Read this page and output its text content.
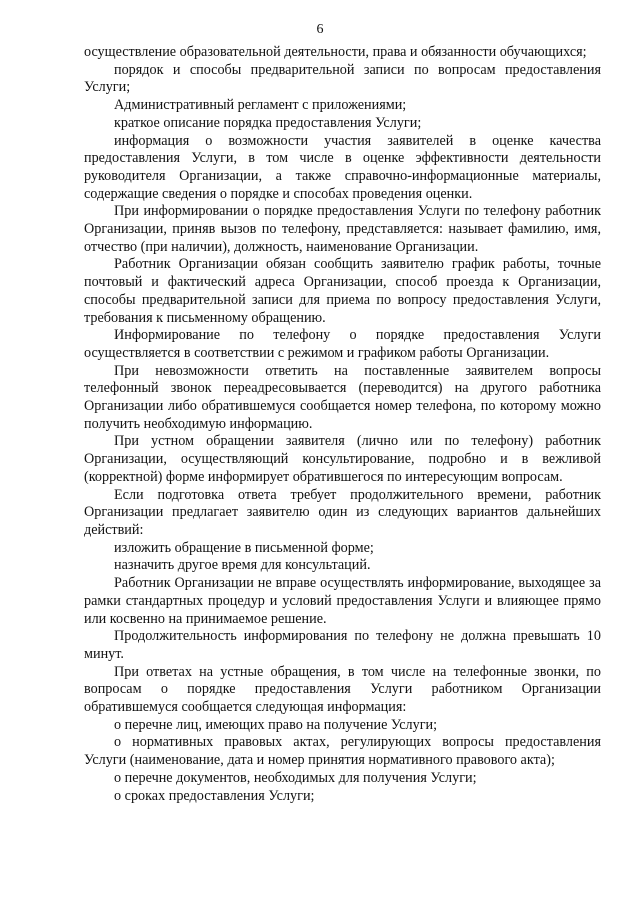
6

осуществление образовательной деятельности, права и обязанности обучающихся;

порядок и способы предварительной записи по вопросам предоставления Услуги;

Административный регламент с приложениями;

краткое описание порядка предоставления Услуги;

информация о возможности участия заявителей в оценке качества предоставления Услуги, в том числе в оценке эффективности деятельности руководителя Организации, а также справочно-информационные материалы, содержащие сведения о порядке и способах проведения оценки.

При информировании о порядке предоставления Услуги по телефону работник Организации, приняв вызов по телефону, представляется: называет фамилию, имя, отчество (при наличии), должность, наименование Организации.

Работник Организации обязан сообщить заявителю график работы, точные почтовый и фактический адреса Организации, способ проезда к Организации, способы предварительной записи для приема по вопросу предоставления Услуги, требования к письменному обращению.

Информирование по телефону о порядке предоставления Услуги осуществляется в соответствии с режимом и графиком работы Организации.

При невозможности ответить на поставленные заявителем вопросы телефонный звонок переадресовывается (переводится) на другого работника Организации либо обратившемуся сообщается номер телефона, по которому можно получить необходимую информацию.

При устном обращении заявителя (лично или по телефону) работник Организации, осуществляющий консультирование, подробно и в вежливой (корректной) форме информирует обратившегося по интересующим вопросам.

Если подготовка ответа требует продолжительного времени, работник Организации предлагает заявителю один из следующих вариантов дальнейших действий:

изложить обращение в письменной форме;

назначить другое время для консультаций.

Работник Организации не вправе осуществлять информирование, выходящее за рамки стандартных процедур и условий предоставления Услуги и влияющее прямо или косвенно на принимаемое решение.

Продолжительность информирования по телефону не должна превышать 10 минут.

При ответах на устные обращения, в том числе на телефонные звонки, по вопросам о порядке предоставления Услуги работником Организации обратившемуся сообщается следующая информация:

о перечне лиц, имеющих право на получение Услуги;

о нормативных правовых актах, регулирующих вопросы предоставления Услуги (наименование, дата и номер принятия нормативного правового акта);

о перечне документов, необходимых для получения Услуги;

о сроках предоставления Услуги;
